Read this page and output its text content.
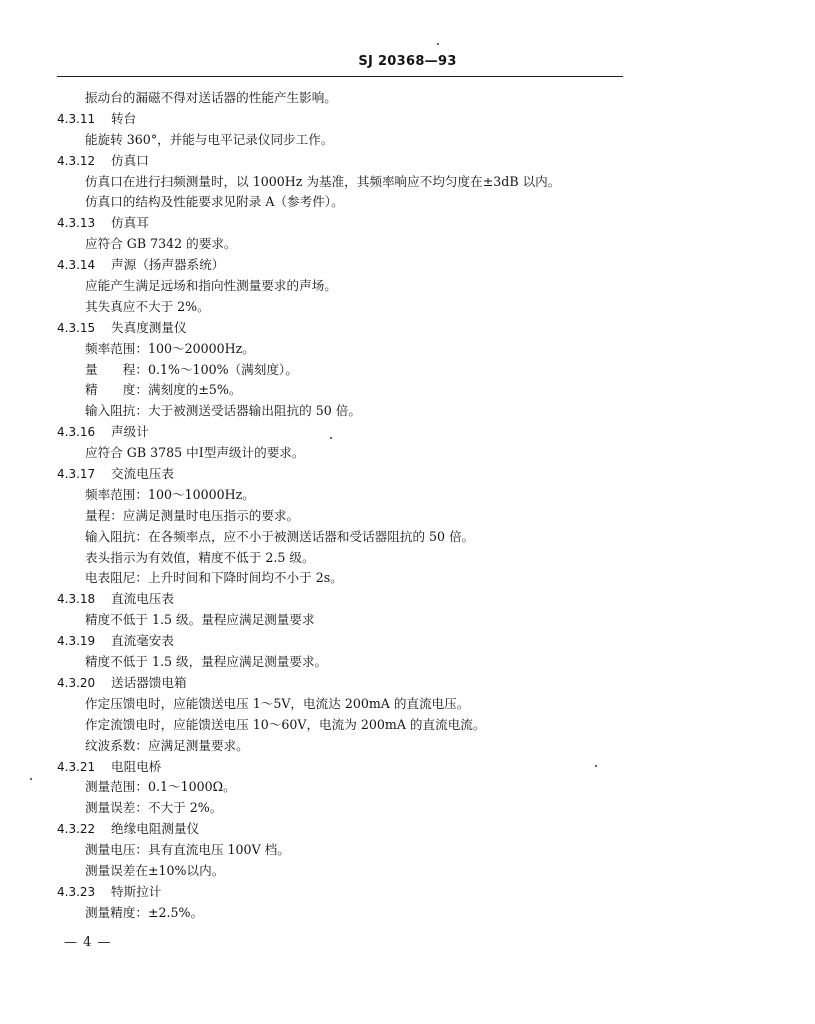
SJ 20368—93
振动台的漏磁不得对送话器的性能产生影响。
4.3.11 转台
能旋转 360°，并能与电平记录仪同步工作。
4.3.12 仿真口
仿真口在进行扫频测量时，以 1000Hz 为基准，其频率响应不均匀度在±3dB 以内。
仿真口的结构及性能要求见附录 A（参考件）。
4.3.13 仿真耳
应符合 GB 7342 的要求。
4.3.14 声源（扬声器系统）
应能产生满足远场和指向性测量要求的声场。
其失真应不大于 2%。
4.3.15 失真度测量仪
频率范围：100～20000Hz。
量　　程：0.1%～100%（满刻度）。
精　　度：满刻度的±5%。
输入阻抗：大于被测送受话器输出阻抗的 50 倍。
4.3.16 声级计
应符合 GB 3785 中Ⅰ型声级计的要求。
4.3.17 交流电压表
频率范围：100～10000Hz。
量程：应满足测量时电压指示的要求。
输入阻抗：在各频率点，应不小于被测送话器和受话器阻抗的 50 倍。
表头指示为有效值，精度不低于 2.5 级。
电表阻尼：上升时间和下降时间均不小于 2s。
4.3.18 直流电压表
精度不低于 1.5 级。量程应满足测量要求
4.3.19 直流毫安表
精度不低于 1.5 级，量程应满足测量要求。
4.3.20 送话器馈电箱
作定压馈电时，应能馈送电压 1～5V，电流达 200mA 的直流电压。
作定流馈电时，应能馈送电压 10～60V，电流为 200mA 的直流电流。
纹波系数：应满足测量要求。
4.3.21 电阻电桥
测量范围：0.1～1000Ω。
测量误差：不大于 2%。
4.3.22 绝缘电阻测量仪
测量电压：具有直流电压 100V 档。
测量误差在±10%以内。
4.3.23 特斯拉计
测量精度：±2.5%。
— 4 —
